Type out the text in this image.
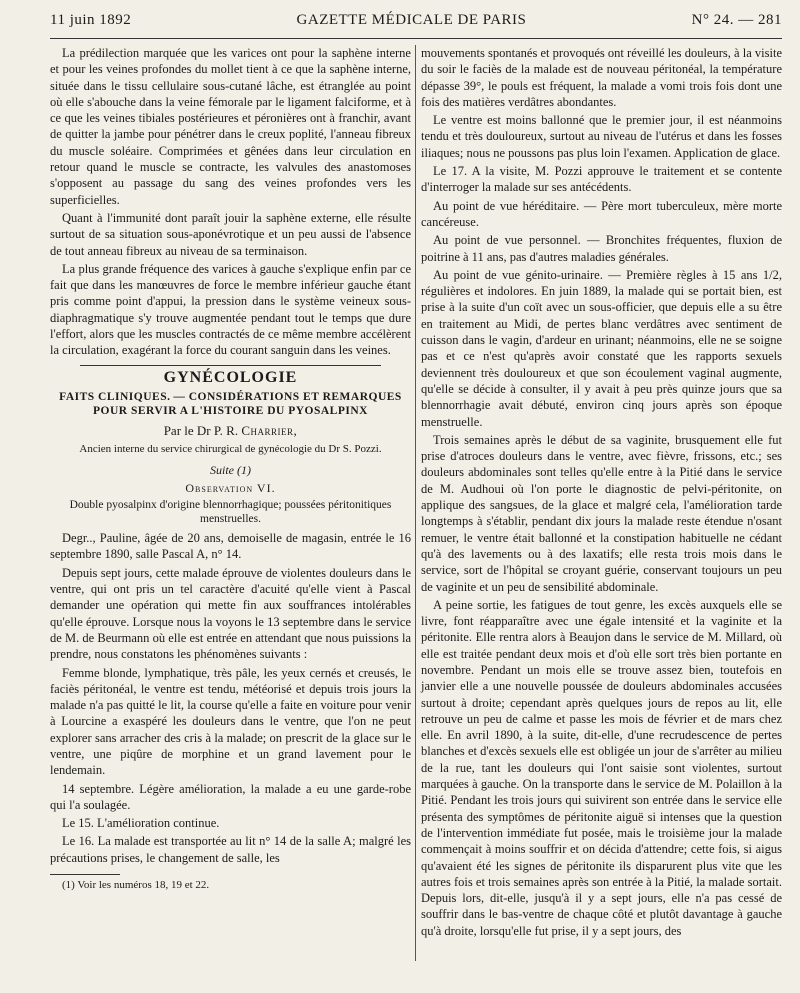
11 juin 1892	GAZETTE MÉDICALE DE PARIS	N° 24. — 281

La prédilection marquée que les varices ont pour la saphène interne et pour les veines profondes du mollet tient à ce que la saphène interne, située dans le tissu cellulaire sous-cutané lâche, est étranglée au point où elle s'abouche dans la veine fémorale par le ligament falciforme, et à ce que les veines tibiales postérieures et péronières ont à franchir, avant de quitter la jambe pour pénétrer dans le creux poplité, l'anneau fibreux du muscle soléaire. Comprimées et gênées dans leur circulation en retour quand le muscle se contracte, les valvules des anastomoses s'opposent au passage du sang des veines profondes vers les superficielles.

Quant à l'immunité dont paraît jouir la saphène externe, elle résulte surtout de sa situation sous-aponévrotique et un peu aussi de l'absence de tout anneau fibreux au niveau de sa terminaison.

La plus grande fréquence des varices à gauche s'explique enfin par ce fait que dans les manœuvres de force le membre inférieur gauche étant pris comme point d'appui, la pression dans le système veineux sous-diaphragmatique s'y trouve augmentée pendant tout le temps que dure l'effort, alors que les muscles contractés de ce même membre accélèrent la circulation, exagérant la force du courant sanguin dans les veines.

GYNÉCOLOGIE
FAITS CLINIQUES. — CONSIDÉRATIONS ET REMARQUES POUR SERVIR A L'HISTOIRE DU PYOSALPINX
Par le Dr P. R. Charrier,
Ancien interne du service chirurgical de gynécologie du Dr S. Pozzi.
Suite (1)
Observation VI.
Double pyosalpinx d'origine blennorrhagique; poussées péritonitiques menstruelles.

Degr.., Pauline, âgée de 20 ans, demoiselle de magasin, entrée le 16 septembre 1890, salle Pascal A, n° 14.

Depuis sept jours, cette malade éprouve de violentes douleurs dans le ventre, qui ont pris un tel caractère d'acuité qu'elle vient à Pascal demander une opération qui mette fin aux souffrances intolérables qu'elle éprouve. Lorsque nous la voyons le 13 septembre dans le service de M. de Beurmann où elle est entrée en attendant que nous puissions la prendre, nous constatons les phénomènes suivants :

Femme blonde, lymphatique, très pâle, les yeux cernés et creusés, le faciès péritonéal, le ventre est tendu, météorisé et depuis trois jours la malade n'a pas quitté le lit, la course qu'elle a faite en voiture pour venir à Lourcine a exaspéré les douleurs dans le ventre, que l'on ne peut explorer sans arracher des cris à la malade; on prescrit de la glace sur le ventre, une piqûre de morphine et un grand lavement pour le lendemain.

14 septembre. Légère amélioration, la malade a eu une garde-robe qui l'a soulagée.

Le 15. L'amélioration continue.

Le 16. La malade est transportée au lit n° 14 de la salle A; malgré les précautions prises, le changement de salle, les

(1) Voir les numéros 18, 19 et 22.

mouvements spontanés et provoqués ont réveillé les douleurs, à la visite du soir le faciès de la malade est de nouveau péritonéal, la température dépasse 39°, le pouls est fréquent, la malade a vomi trois fois dont une fois des matières verdâtres abondantes.

Le ventre est moins ballonné que le premier jour, il est néanmoins tendu et très douloureux, surtout au niveau de l'utérus et dans les fosses iliaques; nous ne poussons pas plus loin l'examen. Application de glace.

Le 17. A la visite, M. Pozzi approuve le traitement et se contente d'interroger la malade sur ses antécédents.

Au point de vue héréditaire. — Père mort tuberculeux, mère morte cancéreuse.

Au point de vue personnel. — Bronchites fréquentes, fluxion de poitrine à 11 ans, pas d'autres maladies générales.

Au point de vue génito-urinaire. — Première règles à 15 ans 1/2, régulières et indolores. En juin 1889, la malade qui se portait bien, est prise à la suite d'un coït avec un sous-officier, que depuis elle a su être en traitement au Midi, de pertes blanc verdâtres avec sentiment de cuisson dans le vagin, d'ardeur en urinant; néanmoins, elle ne se soigne pas et ce n'est qu'après avoir constaté que les rapports sexuels deviennent très douloureux et que son écoulement vaginal augmente, qu'elle se décide à consulter, il y avait à peu près quinze jours que sa blennorrhagie avait débuté, environ cinq jours après son époque menstruelle.

Trois semaines après le début de sa vaginite, brusquement elle fut prise d'atroces douleurs dans le ventre, avec fièvre, frissons, etc.; ses douleurs abdominales sont telles qu'elle entre à la Pitié dans le service de M. Audhoui où l'on porte le diagnostic de pelvi-péritonite, on applique des sangsues, de la glace et malgré cela, l'amélioration tarde longtemps à s'établir, pendant dix jours la malade reste étendue n'osant remuer, le ventre était ballonné et la constipation habituelle ne cédant qu'à des lavements ou à des laxatifs; elle resta trois mois dans le service, sort de l'hôpital se croyant guérie, conservant toujours un peu de vaginite et un peu de sensibilité abdominale.

A peine sortie, les fatigues de tout genre, les excès auxquels elle se livre, font réapparaître avec une égale intensité et la vaginite et la péritonite. Elle rentra alors à Beaujon dans le service de M. Millard, où elle est traitée pendant deux mois et d'où elle sort très bien portante en novembre. Pendant un mois elle se trouve assez bien, toutefois en janvier elle a une nouvelle poussée de douleurs abdominales accusées surtout à droite; cependant après quelques jours de repos au lit, elle retrouve un peu de calme et passe les mois de février et de mars chez elle. En avril 1890, à la suite, dit-elle, d'une recrudescence de pertes blanches et d'excès sexuels elle est obligée un jour de s'arrêter au milieu de la rue, tant les douleurs qui l'ont saisie sont violentes, surtout marquées à gauche. On la transporte dans le service de M. Polaillon à la Pitié. Pendant les trois jours qui suivirent son entrée dans le service elle présenta des symptômes de péritonite aiguë si intenses que la question de l'intervention immédiate fut posée, mais le troisième jour la malade commençait à moins souffrir et on décida d'attendre; cette fois, si aigus qu'avaient été les signes de péritonite ils disparurent plus vite que les autres fois et trois semaines après son entrée à la Pitié, la malade sortait. Depuis lors, dit-elle, jusqu'à il y a sept jours, elle n'a pas cessé de souffrir dans le bas-ventre de chaque côté et plutôt davantage à gauche qu'à droite, lorsqu'elle fut prise, il y a sept jours, des
